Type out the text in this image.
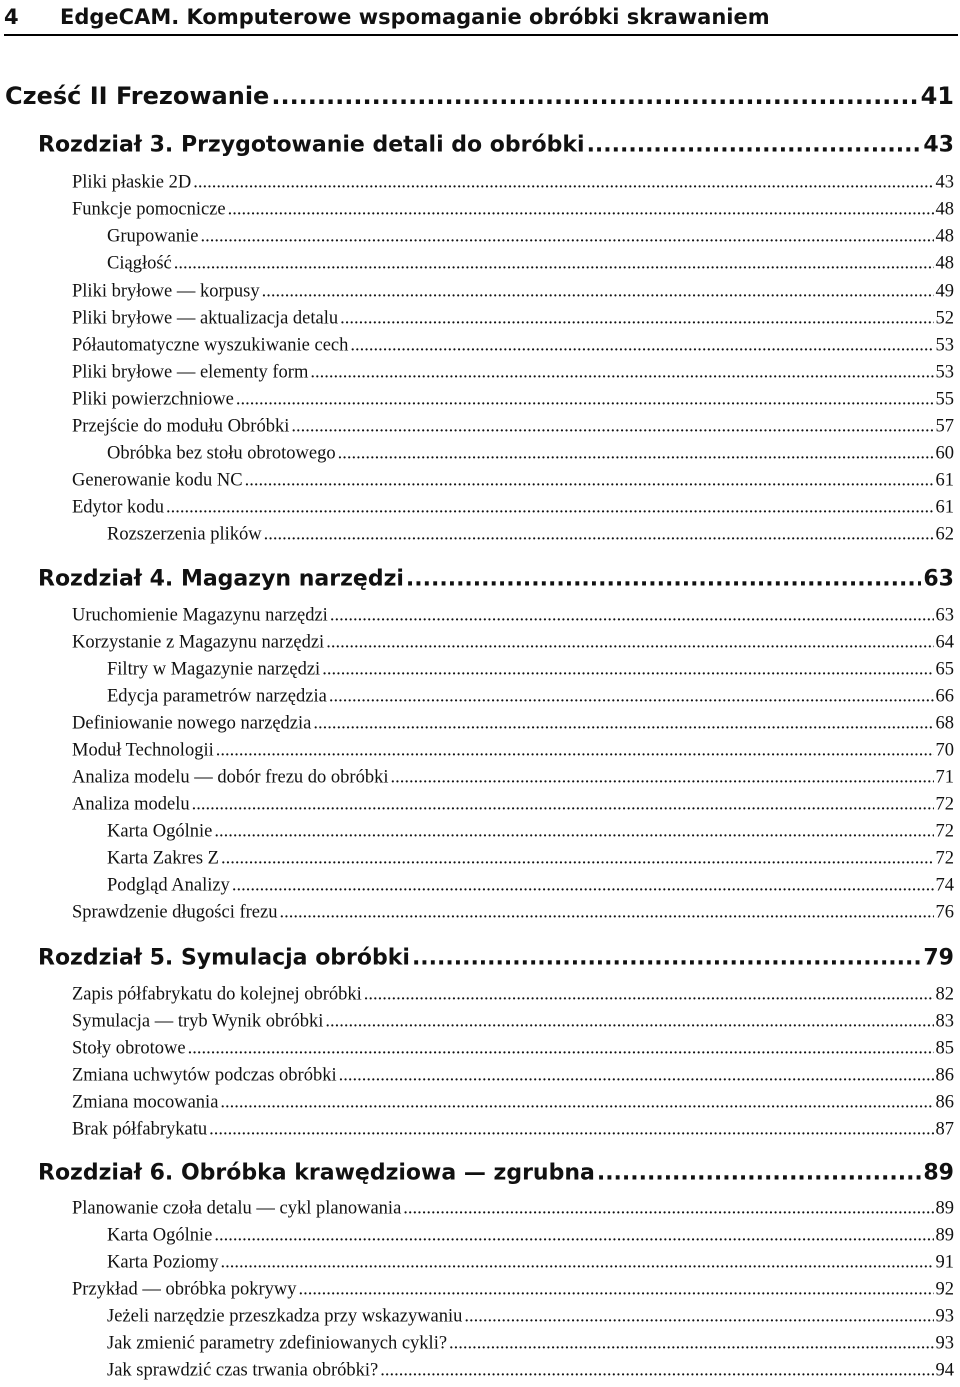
4	EdgeCAM. Komputerowe wspomaganie obróbki skrawaniem
Cześć II Frezowanie .....	41
Rozdział 3. Przygotowanie detali do obróbki .....	43
Pliki płaskie 2D .....	43
Funkcje pomocnicze .....	48
Grupowanie .....	48
Ciągłość .....	48
Pliki bryłowe — korpusy .....	49
Pliki bryłowe — aktualizacja detalu .....	52
Półautomatyczne wyszukiwanie cech .....	53
Pliki bryłowe — elementy form .....	53
Pliki powierzchniowe .....	55
Przejście do modułu Obróbki .....	57
Obróbka bez stołu obrotowego .....	60
Generowanie kodu NC .....	61
Edytor kodu .....	61
Rozszerzenia plików .....	62
Rozdział 4. Magazyn narzędzi .....	63
Uruchomienie Magazynu narzędzi .....	63
Korzystanie z Magazynu narzędzi .....	64
Filtry w Magazynie narzędzi .....	65
Edycja parametrów narzędzia .....	66
Definiowanie nowego narzędzia .....	68
Moduł Technologii .....	70
Analiza modelu — dobór frezu do obróbki .....	71
Analiza modelu .....	72
Karta Ogólnie .....	72
Karta Zakres Z .....	72
Podgląd Analizy .....	74
Sprawdzenie długości frezu .....	76
Rozdział 5. Symulacja obróbki .....	79
Zapis półfabrykatu do kolejnej obróbki .....	82
Symulacja — tryb Wynik obróbki .....	83
Stoły obrotowe .....	85
Zmiana uchwytów podczas obróbki .....	86
Zmiana mocowania .....	86
Brak półfabrykatu .....	87
Rozdział 6. Obróbka krawędziowa — zgrubna .....	89
Planowanie czoła detalu — cykl planowania .....	89
Karta Ogólnie .....	89
Karta Poziomy .....	91
Przykład — obróbka pokrywy .....	92
Jeżeli narzędzie przeszkadza przy wskazywaniu .....	93
Jak zmienić parametry zdefiniowanych cykli? .....	93
Jak sprawdzić czas trwania obróbki? .....	94
